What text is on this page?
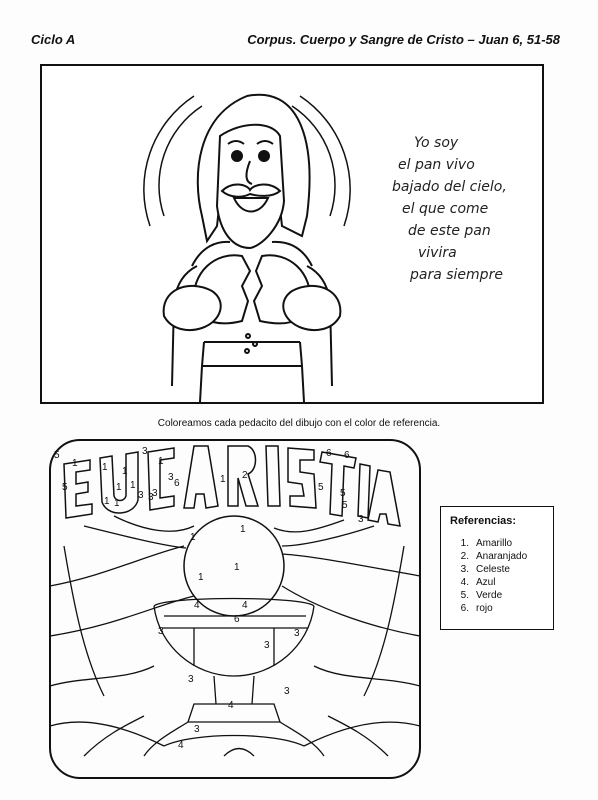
Ciclo A	Corpus. Cuerpo y Sangre de Cristo – Juan 6, 51-58
Yo soy
el pan vivo
bajado del cielo,
el que come
de este pan
vivira
para siempre
Coloreamos cada pedacito del dibujo con el color de referencia.
5
1
3
1
6 6
1 1
3
6
5	1 1
3
1 2
5
5
1
3 3
1	5
3
1
1
1
1
4	4
6
3	3
3
3
3
4
3
4
Referencias:
1. Amarillo
2. Anaranjado
3. Celeste
4. Azul
5. Verde
6. rojo
